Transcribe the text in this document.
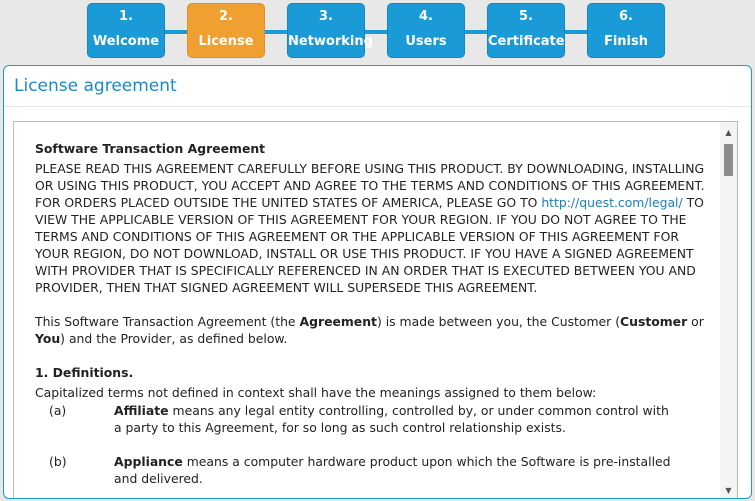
1.
Welcome
2.
License
3.
Networking
4.
Users
5.
Certificate
6.
Finish
License agreement

Software Transaction Agreement

PLEASE READ THIS AGREEMENT CAREFULLY BEFORE USING THIS PRODUCT. BY DOWNLOADING, INSTALLING OR USING THIS PRODUCT, YOU ACCEPT AND AGREE TO THE TERMS AND CONDITIONS OF THIS AGREEMENT. FOR ORDERS PLACED OUTSIDE THE UNITED STATES OF AMERICA, PLEASE GO TO http://quest.com/legal/ TO VIEW THE APPLICABLE VERSION OF THIS AGREEMENT FOR YOUR REGION. IF YOU DO NOT AGREE TO THE TERMS AND CONDITIONS OF THIS AGREEMENT OR THE APPLICABLE VERSION OF THIS AGREEMENT FOR YOUR REGION, DO NOT DOWNLOAD, INSTALL OR USE THIS PRODUCT. IF YOU HAVE A SIGNED AGREEMENT WITH PROVIDER THAT IS SPECIFICALLY REFERENCED IN AN ORDER THAT IS EXECUTED BETWEEN YOU AND PROVIDER, THEN THAT SIGNED AGREEMENT WILL SUPERSEDE THIS AGREEMENT.

This Software Transaction Agreement (the Agreement) is made between you, the Customer (Customer or You) and the Provider, as defined below.

1. Definitions.

Capitalized terms not defined in context shall have the meanings assigned to them below:

(a)	Affiliate means any legal entity controlling, controlled by, or under common control with a party to this Agreement, for so long as such control relationship exists.
(b)	Appliance means a computer hardware product upon which the Software is pre-installed and delivered.
▲
▼
